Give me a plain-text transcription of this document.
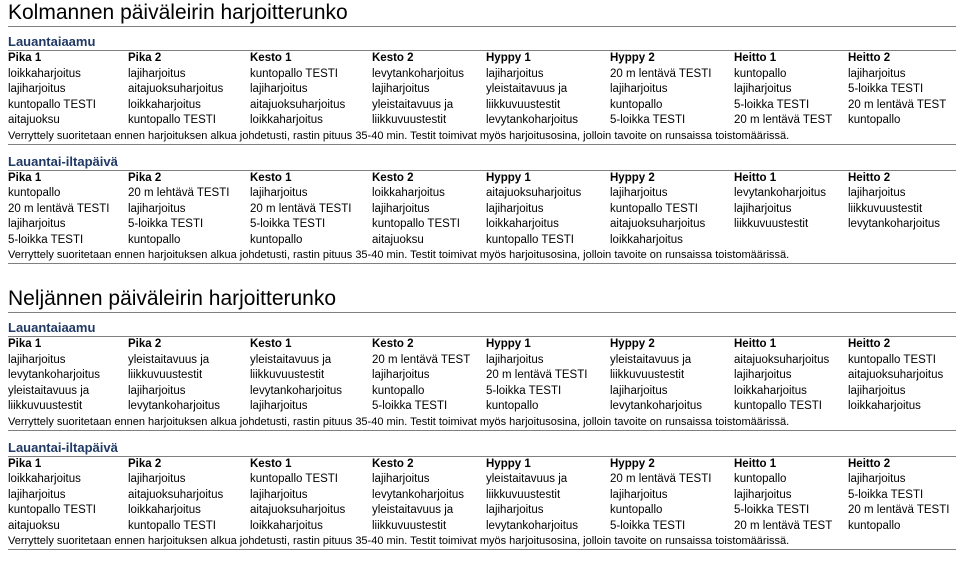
Kolmannen päiväleirin harjoitterunko
Lauantaiaamu
Pika 1	Pika 2	Kesto 1	Kesto 2	Hyppy 1	Hyppy 2	Heitto 1	Heitto 2
loikkaharjoitus	lajiharjoitus	kuntopallo TESTI	levytankoharjoitus	lajiharjoitus	20 m lentävä TESTI	kuntopallo	lajiharjoitus
lajiharjoitus	aitajuoksuharjoitus	lajiharjoitus	lajiharjoitus	yleistaitavuus ja	lajiharjoitus	lajiharjoitus	5-loikka TESTI
kuntopallo TESTI	loikkaharjoitus	aitajuoksuharjoitus	yleistaitavuus ja	liikkuvuustestit	kuntopallo	5-loikka TESTI	20 m lentävä TEST
aitajuoksu	kuntopallo TESTI	loikkaharjoitus	liikkuvuustestit	levytankoharjoitus	5-loikka TESTI	20 m lentävä TEST	kuntopallo
Verryttely suoritetaan ennen harjoituksen alkua johdetusti, rastin pituus 35-40 min. Testit toimivat myös harjoitusosina, jolloin tavoite on runsaissa toistomäärissä.
Lauantai-iltapäivä
Pika 1	Pika 2	Kesto 1	Kesto 2	Hyppy 1	Hyppy 2	Heitto 1	Heitto 2
kuntopallo	20 m lehtävä TESTI	lajiharjoitus	loikkaharjoitus	aitajuoksuharjoitus	lajiharjoitus	levytankoharjoitus	lajiharjoitus
20 m lentävä TESTI	lajiharjoitus	20 m lentävä TESTI	lajiharjoitus	lajiharjoitus	kuntopallo TESTI	lajiharjoitus	liikkuvuustestit
lajiharjoitus	5-loikka TESTI	5-loikka TESTI	kuntopallo TESTI	loikkaharjoitus	aitajuoksuharjoitus	liikkuvuustestit	levytankoharjoitus
5-loikka TESTI	kuntopallo	kuntopallo	aitajuoksu	kuntopallo TESTI	loikkaharjoitus		
Verryttely suoritetaan ennen harjoituksen alkua johdetusti, rastin pituus 35-40 min. Testit toimivat myös harjoitusosina, jolloin tavoite on runsaissa toistomäärissä.
Neljännen päiväleirin harjoitterunko
Lauantaiaamu
Pika 1	Pika 2	Kesto 1	Kesto 2	Hyppy 1	Hyppy 2	Heitto 1	Heitto 2
lajiharjoitus	yleistaitavuus ja	yleistaitavuus ja	20 m lentävä TEST	lajiharjoitus	yleistaitavuus ja	aitajuoksuharjoitus	kuntopallo TESTI
levytankoharjoitus	liikkuvuustestit	liikkuvuustestit	lajiharjoitus	20 m lentävä TESTI	liikkuvuustestit	lajiharjoitus	aitajuoksuharjoitus
yleistaitavuus ja	lajiharjoitus	levytankoharjoitus	kuntopallo	5-loikka TESTI	lajiharjoitus	loikkaharjoitus	lajiharjoitus
liikkuvuustestit	levytankoharjoitus	lajiharjoitus	5-loikka TESTI	kuntopallo	levytankoharjoitus	kuntopallo TESTI	loikkaharjoitus
Verryttely suoritetaan ennen harjoituksen alkua johdetusti, rastin pituus 35-40 min. Testit toimivat myös harjoitusosina, jolloin tavoite on runsaissa toistomäärissä.
Lauantai-iltapäivä
Pika 1	Pika 2	Kesto 1	Kesto 2	Hyppy 1	Hyppy 2	Heitto 1	Heitto 2
loikkaharjoitus	lajiharjoitus	kuntopallo TESTI	lajiharjoitus	yleistaitavuus ja	20 m lentävä TESTI	kuntopallo	lajiharjoitus
lajiharjoitus	aitajuoksuharjoitus	lajiharjoitus	levytankoharjoitus	liikkuvuustestit	lajiharjoitus	lajiharjoitus	5-loikka TESTI
kuntopallo TESTI	loikkaharjoitus	aitajuoksuharjoitus	yleistaitavuus ja	lajiharjoitus	kuntopallo	5-loikka TESTI	20 m lentävä TESTI
aitajuoksu	kuntopallo TESTI	loikkaharjoitus	liikkuvuustestit	levytankoharjoitus	5-loikka TESTI	20 m lentävä TEST	kuntopallo
Verryttely suoritetaan ennen harjoituksen alkua johdetusti, rastin pituus 35-40 min. Testit toimivat myös harjoitusosina, jolloin tavoite on runsaissa toistomäärissä.
